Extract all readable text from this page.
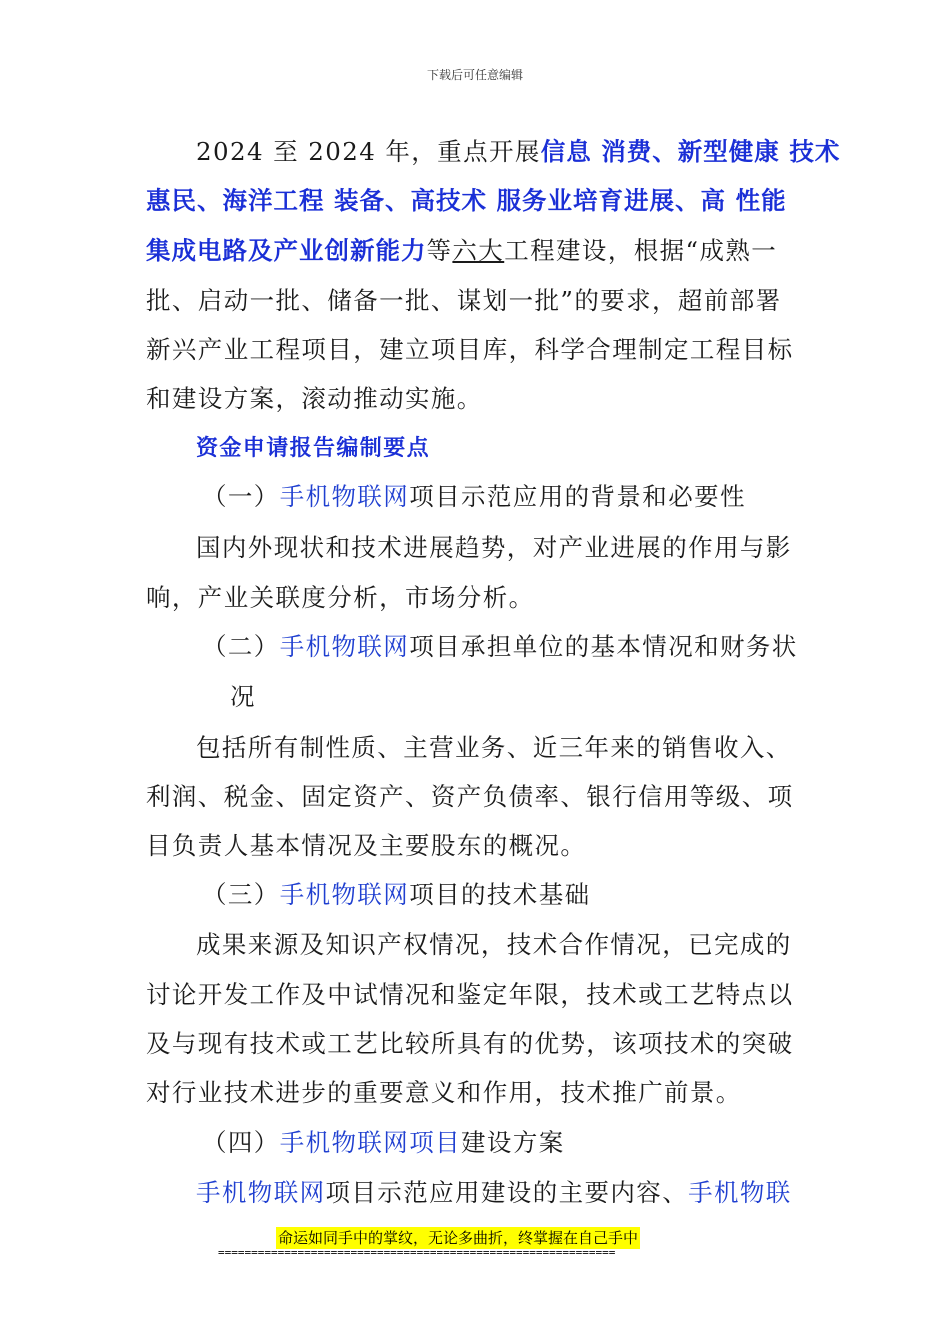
下载后可任意编辑
2024 至 2024 年，重点开展信息 消费、新型健康 技术
惠民、海洋工程 装备、高技术 服务业培育进展、高 性能
集成电路及产业创新能力等六大工程建设，根据“成熟一
批、启动一批、储备一批、谋划一批”的要求，超前部署
新兴产业工程项目，建立项目库，科学合理制定工程目标
和建设方案，滚动推动实施。
资金申请报告编制要点
（一）手机物联网项目示范应用的背景和必要性
国内外现状和技术进展趋势，对产业进展的作用与影
响，产业关联度分析，市场分析。
（二）手机物联网项目承担单位的基本情况和财务状
况
包括所有制性质、主营业务、近三年来的销售收入、
利润、税金、固定资产、资产负债率、银行信用等级、项
目负责人基本情况及主要股东的概况。
（三）手机物联网项目的技术基础
成果来源及知识产权情况，技术合作情况，已完成的
讨论开发工作及中试情况和鉴定年限，技术或工艺特点以
及与现有技术或工艺比较所具有的优势，该项技术的突破
对行业技术进步的重要意义和作用，技术推广前景。
（四）手机物联网项目建设方案
手机物联网项目示范应用建设的主要内容、手机物联
命运如同手中的掌纹，无论多曲折，终掌握在自己手中
============================================================
